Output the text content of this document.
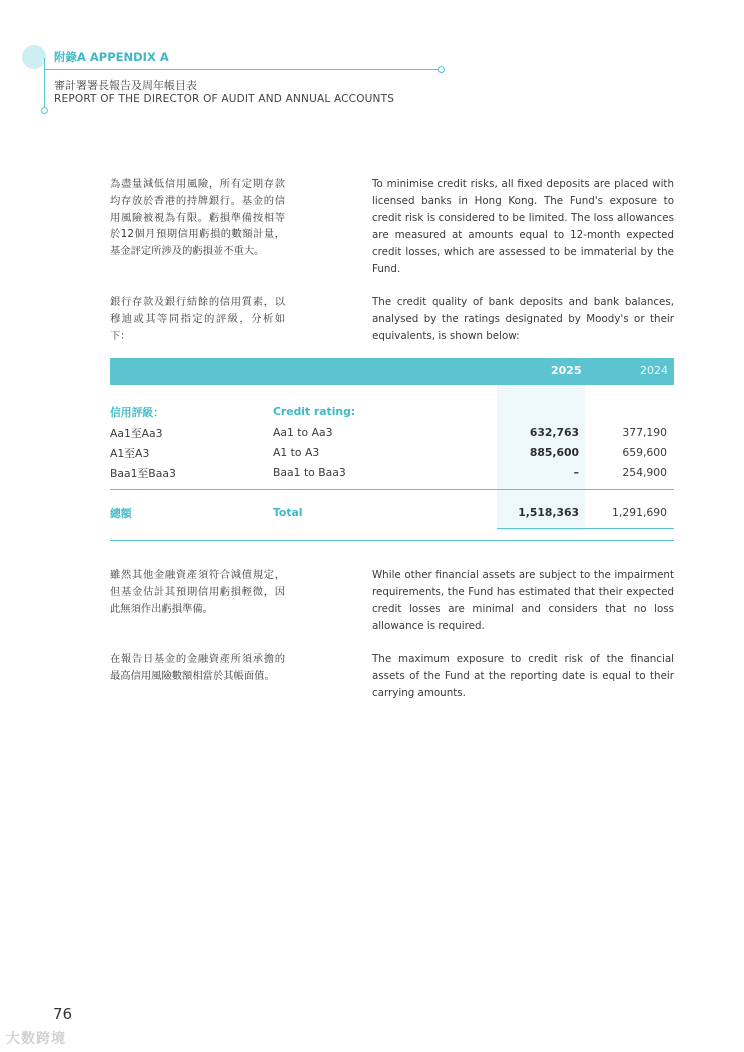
附錄A APPENDIX A
審計署署長報告及周年帳目表
REPORT OF THE DIRECTOR OF AUDIT AND ANNUAL ACCOUNTS
為盡量減低信用風險，所有定期存款均存放於香港的持牌銀行。基金的信用風險被視為有限。虧損準備按相等於12個月預期信用虧損的數額計量，基金評定所涉及的虧損並不重大。
To minimise credit risks, all fixed deposits are placed with licensed banks in Hong Kong. The Fund's exposure to credit risk is considered to be limited. The loss allowances are measured at amounts equal to 12-month expected credit losses, which are assessed to be immaterial by the Fund.
銀行存款及銀行結餘的信用質素，以穆迪或其等同指定的評級，分析如下：
The credit quality of bank deposits and bank balances, analysed by the ratings designated by Moody's or their equivalents, is shown below:
2025	2024
信用評級：	Credit rating:
Aa1至Aa3	Aa1 to Aa3	632,763	377,190
A1至A3	A1 to A3	885,600	659,600
Baa1至Baa3	Baa1 to Baa3	–	254,900
總額	Total	1,518,363	1,291,690
雖然其他金融資產須符合減值規定，但基金估計其預期信用虧損輕微，因此無須作出虧損準備。
While other financial assets are subject to the impairment requirements, the Fund has estimated that their expected credit losses are minimal and considers that no loss allowance is required.
在報告日基金的金融資產所須承擔的最高信用風險數額相當於其帳面值。
The maximum exposure to credit risk of the financial assets of the Fund at the reporting date is equal to their carrying amounts.
76
大数跨境
